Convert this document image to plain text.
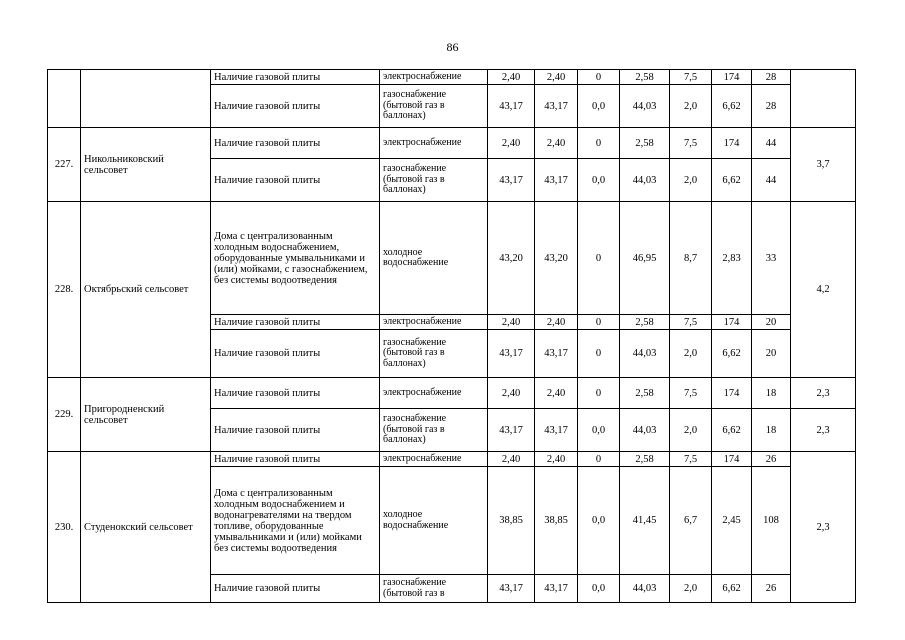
86
		Наличие газовой плиты	электроснабжение	2,40	2,40	0	2,58	7,5	174	28	
		Наличие газовой плиты	газоснабжение (бытовой газ в баллонах)	43,17	43,17	0,0	44,03	2,0	6,62	28	
227.	Никольниковский сельсовет	Наличие газовой плиты	электроснабжение	2,40	2,40	0	2,58	7,5	174	44	3,7
		Наличие газовой плиты	газоснабжение (бытовой газ в баллонах)	43,17	43,17	0,0	44,03	2,0	6,62	44	
228.	Октябрьский сельсовет	Дома с централизованным холодным водоснабжением, оборудованные умывальниками и (или) мойками, с газоснабжением, без системы водоотведения	холодное водоснабжение	43,20	43,20	0	46,95	8,7	2,83	33	4,2
		Наличие газовой плиты	электроснабжение	2,40	2,40	0	2,58	7,5	174	20	
		Наличие газовой плиты	газоснабжение (бытовой газ в баллонах)	43,17	43,17	0	44,03	2,0	6,62	20	
229.	Пригородненский сельсовет	Наличие газовой плиты	электроснабжение	2,40	2,40	0	2,58	7,5	174	18	2,3
		Наличие газовой плиты	газоснабжение (бытовой газ в баллонах)	43,17	43,17	0,0	44,03	2,0	6,62	18	2,3
230.	Студенокский сельсовет	Наличие газовой плиты	электроснабжение	2,40	2,40	0	2,58	7,5	174	26	2,3
		Дома с централизованным холодным водоснабжением и водонагревателями на твердом топливе, оборудованные умывальниками и (или) мойками без системы водоотведения	холодное водоснабжение	38,85	38,85	0,0	41,45	6,7	2,45	108	
		Наличие газовой плиты	газоснабжение (бытовой газ в	43,17	43,17	0,0	44,03	2,0	6,62	26	
